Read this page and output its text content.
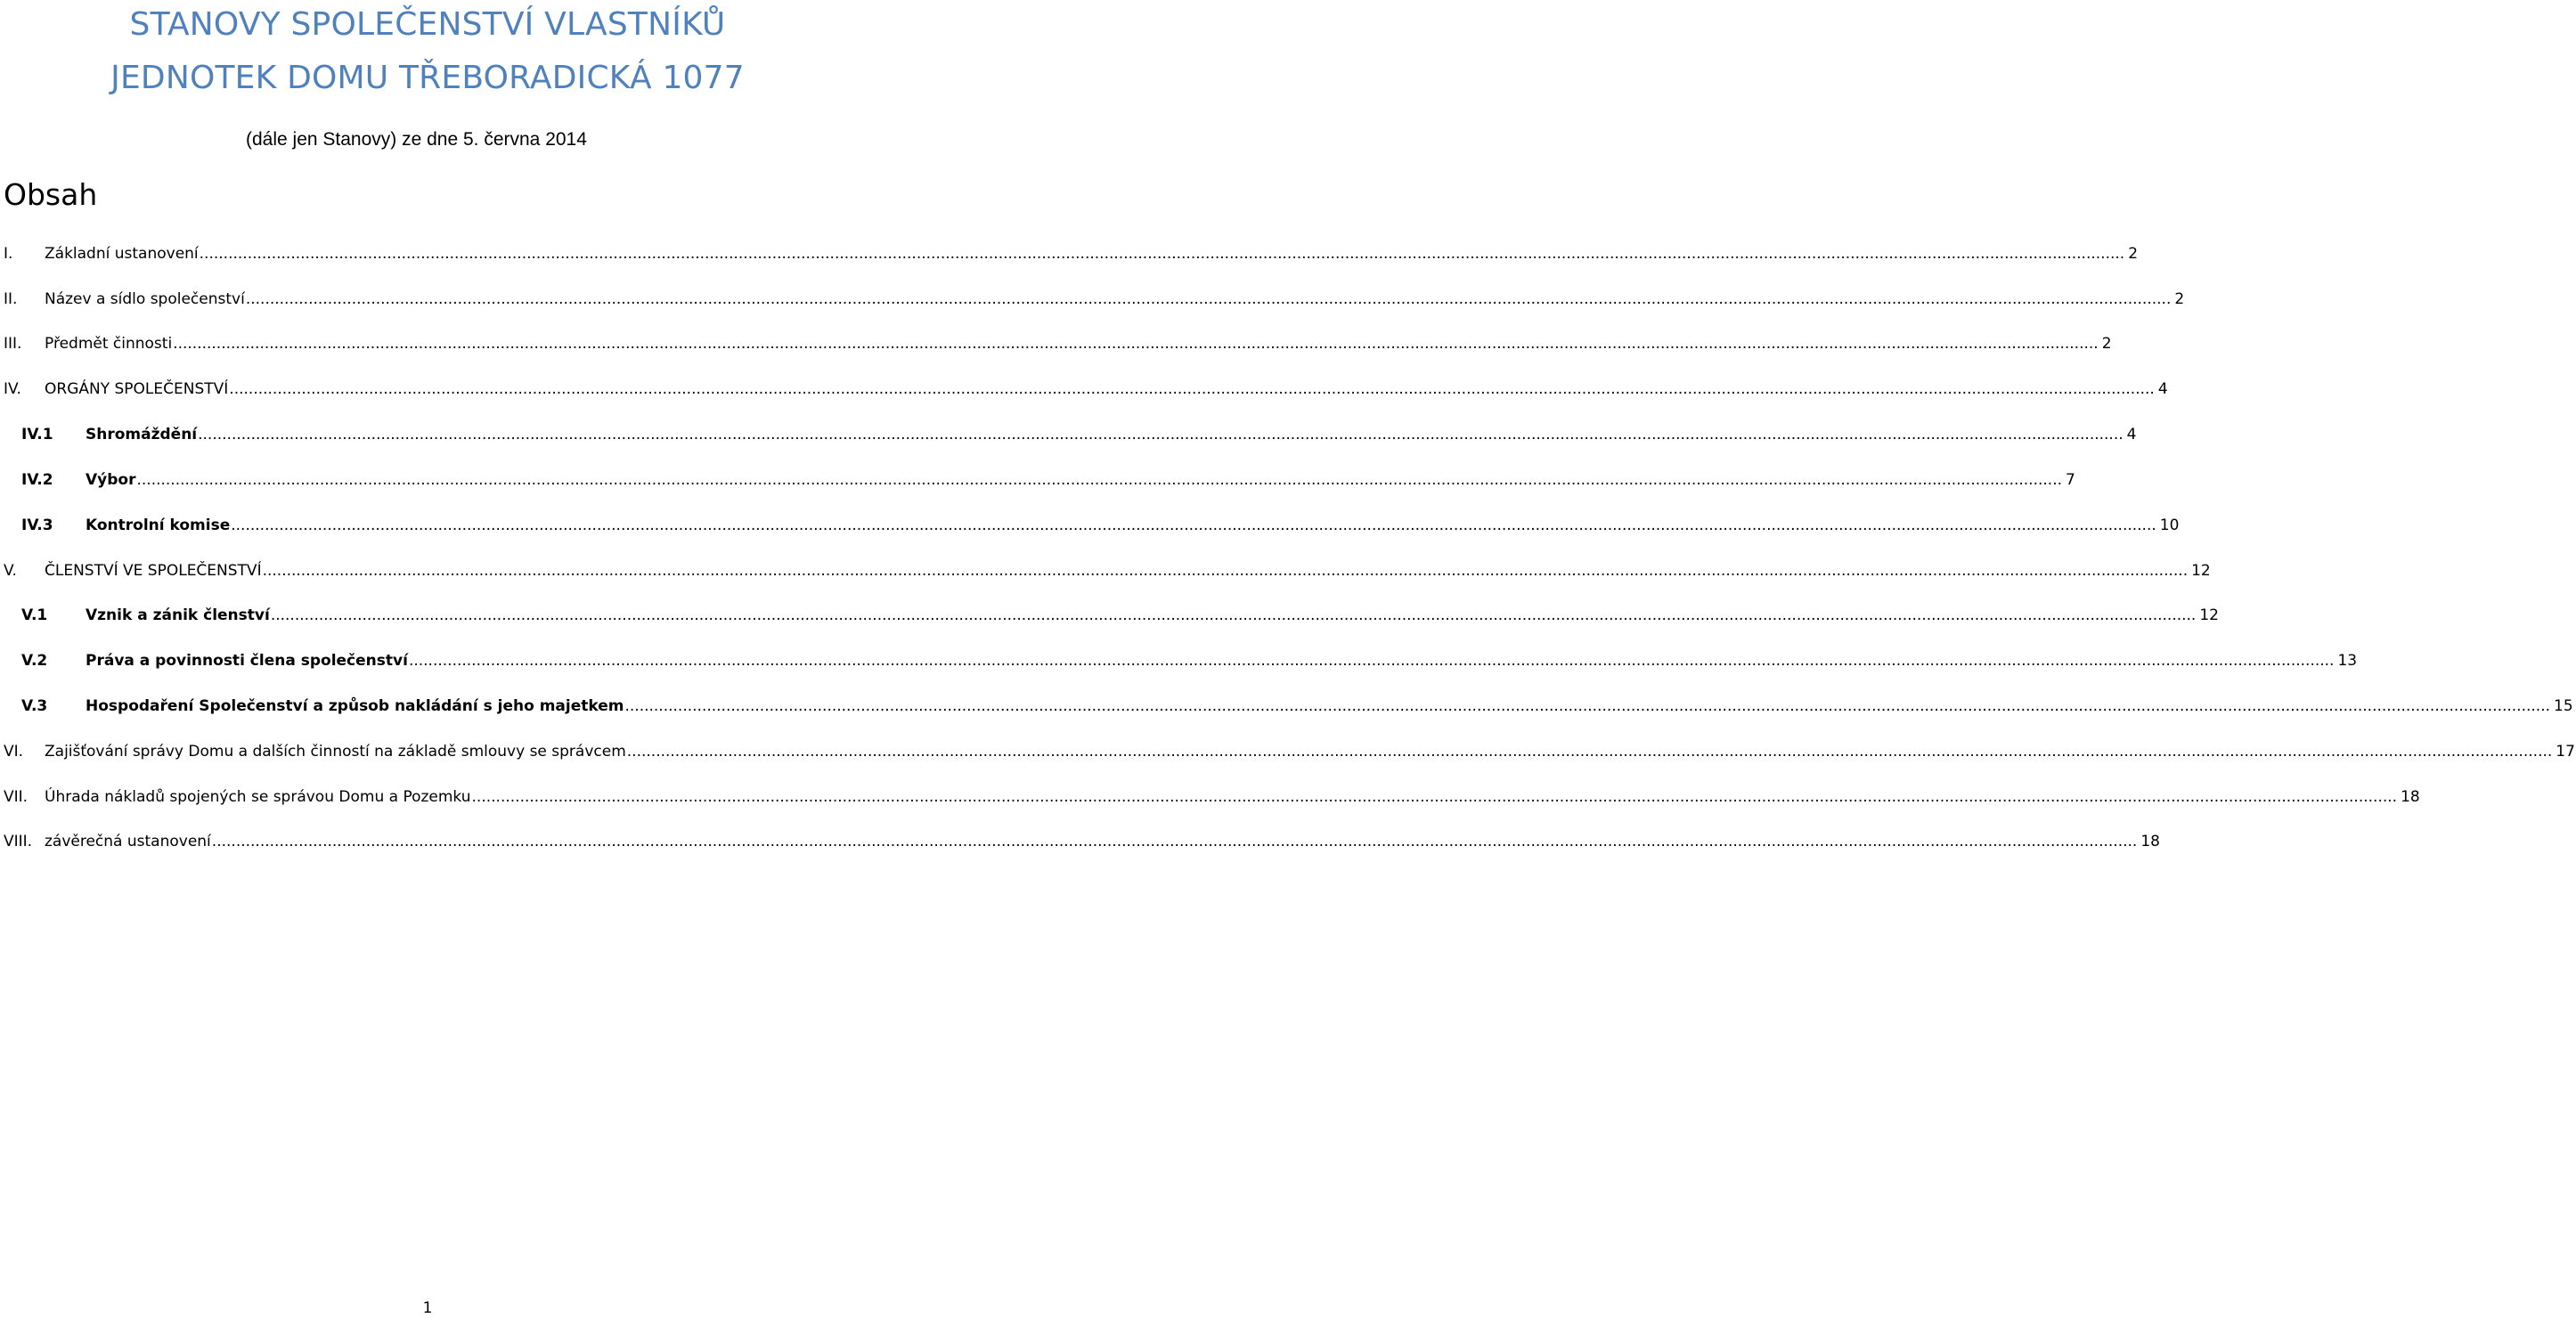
STANOVY SPOLEČENSTVÍ VLASTNÍKŮ
JEDNOTEK DOMU TŘEBORADICKÁ 1077

(dále jen Stanovy) ze dne 5. června 2014

Obsah
I. Základní ustanovení ................................................................................................................................................................................................................................................................................................................................................................................................................ 2
II. Název a sídlo společenství ................................................................................................................................................................................................................................................................................................................................................................................................................ 2
III. Předmět činnosti ................................................................................................................................................................................................................................................................................................................................................................................................................ 2
IV. ORGÁNY SPOLEČENSTVÍ ................................................................................................................................................................................................................................................................................................................................................................................................................ 4
IV.1 Shromáždění ................................................................................................................................................................................................................................................................................................................................................................................................................ 4
IV.2 Výbor ................................................................................................................................................................................................................................................................................................................................................................................................................ 7
IV.3 Kontrolní komise ................................................................................................................................................................................................................................................................................................................................................................................................................ 10
V. ČLENSTVÍ VE SPOLEČENSTVÍ ................................................................................................................................................................................................................................................................................................................................................................................................................ 12
V.1	Vznik a zánik členství ................................................................................................................................................................................................................................................................................................................................................................................................................ 12
V.2	Práva a povinnosti člena společenství ................................................................................................................................................................................................................................................................................................................................................................................................................ 13
V.3	Hospodaření Společenství a způsob nakládání s jeho majetkem ................................................................................................................................................................................................................................................................................................................................................................................................................ 15
VI. Zajišťování správy Domu a dalších činností na základě smlouvy se správcem ................................................................................................................................................................................................................................................................................................................................................................................................................ 17
VII. Úhrada nákladů spojených se správou Domu a Pozemku ................................................................................................................................................................................................................................................................................................................................................................................................................ 18
VIII. závěrečná ustanovení ................................................................................................................................................................................................................................................................................................................................................................................................................ 18
1
